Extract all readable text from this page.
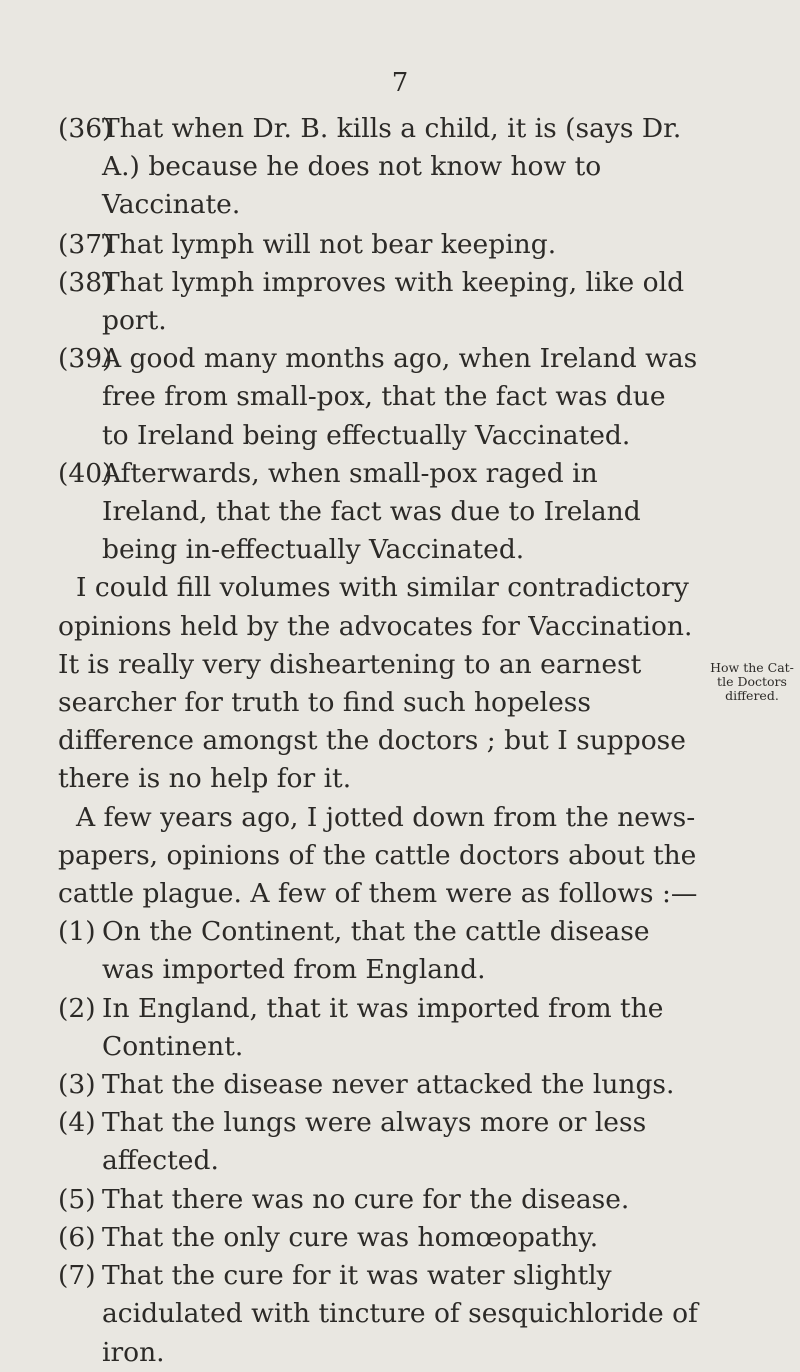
7
(36)
That when Dr. B. kills a child, it is (says Dr. A.) because he does not know how to Vaccinate.
(37)
That lymph will not bear keeping.
(38)
That lymph improves with keeping, like old port.
(39)
A good many months ago, when Ireland was free from small-pox, that the fact was due to Ireland being effectually Vaccinated.
(40)
Afterwards, when small-pox raged in Ireland, that the fact was due to Ireland being in-effectually Vaccinated.
I could fill volumes with similar contradictory opinions held by the advocates for Vaccination. It is really very disheartening to an earnest searcher for truth to find such hopeless difference amongst the doctors ; but I suppose there is no help for it.
A few years ago, I jotted down from the news-papers, opinions of the cattle doctors about the cattle plague. A few of them were as follows :—
(1) On the Continent, that the cattle disease was imported from England.
(2) In England, that it was imported from the Continent.
(3) That the disease never attacked the lungs.
(4) That the lungs were always more or less affected.
(5) That there was no cure for the disease.
(6) That the only cure was homœopathy.
(7) That the cure for it was water slightly acidulated with tincture of sesquichloride of iron.
How the Cat-
tle Doctors
differed.
